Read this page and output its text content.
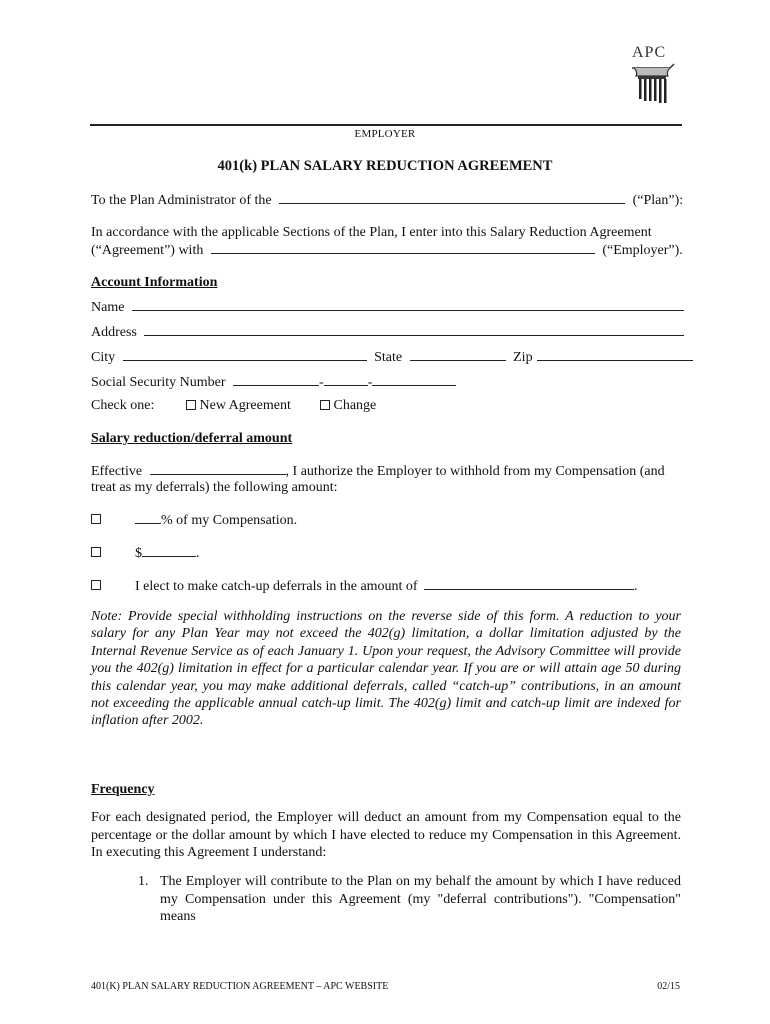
APC
EMPLOYER
401(k) PLAN SALARY REDUCTION AGREEMENT
To the Plan Administrator of the	(“Plan”):
In accordance with the applicable Sections of the Plan, I enter into this Salary Reduction Agreement
(“Agreement”) with	(“Employer”).
Account Information
Name
Address
City	State	Zip
Social Security Number	-	-
Check one:	New Agreement	Change
Salary reduction/deferral amount
Effective	, I authorize the Employer to withhold from my Compensation (and
treat as my deferrals) the following amount:
% of my Compensation.
$	.
I elect to make catch-up deferrals in the amount of	.
Note: Provide special withholding instructions on the reverse side of this form. A reduction to your salary for any Plan Year may not exceed the 402(g) limitation, a dollar limitation adjusted by the Internal Revenue Service as of each January 1. Upon your request, the Advisory Committee will provide you the 402(g) limitation in effect for a particular calendar year. If you are or will attain age 50 during this calendar year, you may make additional deferrals, called “catch-up” contributions, in an amount not exceeding the applicable annual catch-up limit. The 402(g) limit and catch-up limit are indexed for inflation after 2002.
Frequency
For each designated period, the Employer will deduct an amount from my Compensation equal to the percentage or the dollar amount by which I have elected to reduce my Compensation in this Agreement. In executing this Agreement I understand:
1. The Employer will contribute to the Plan on my behalf the amount by which I have reduced my Compensation under this Agreement (my "deferral contributions"). "Compensation" means
401(K) PLAN SALARY REDUCTION AGREEMENT – APC WEBSITE	02/15
